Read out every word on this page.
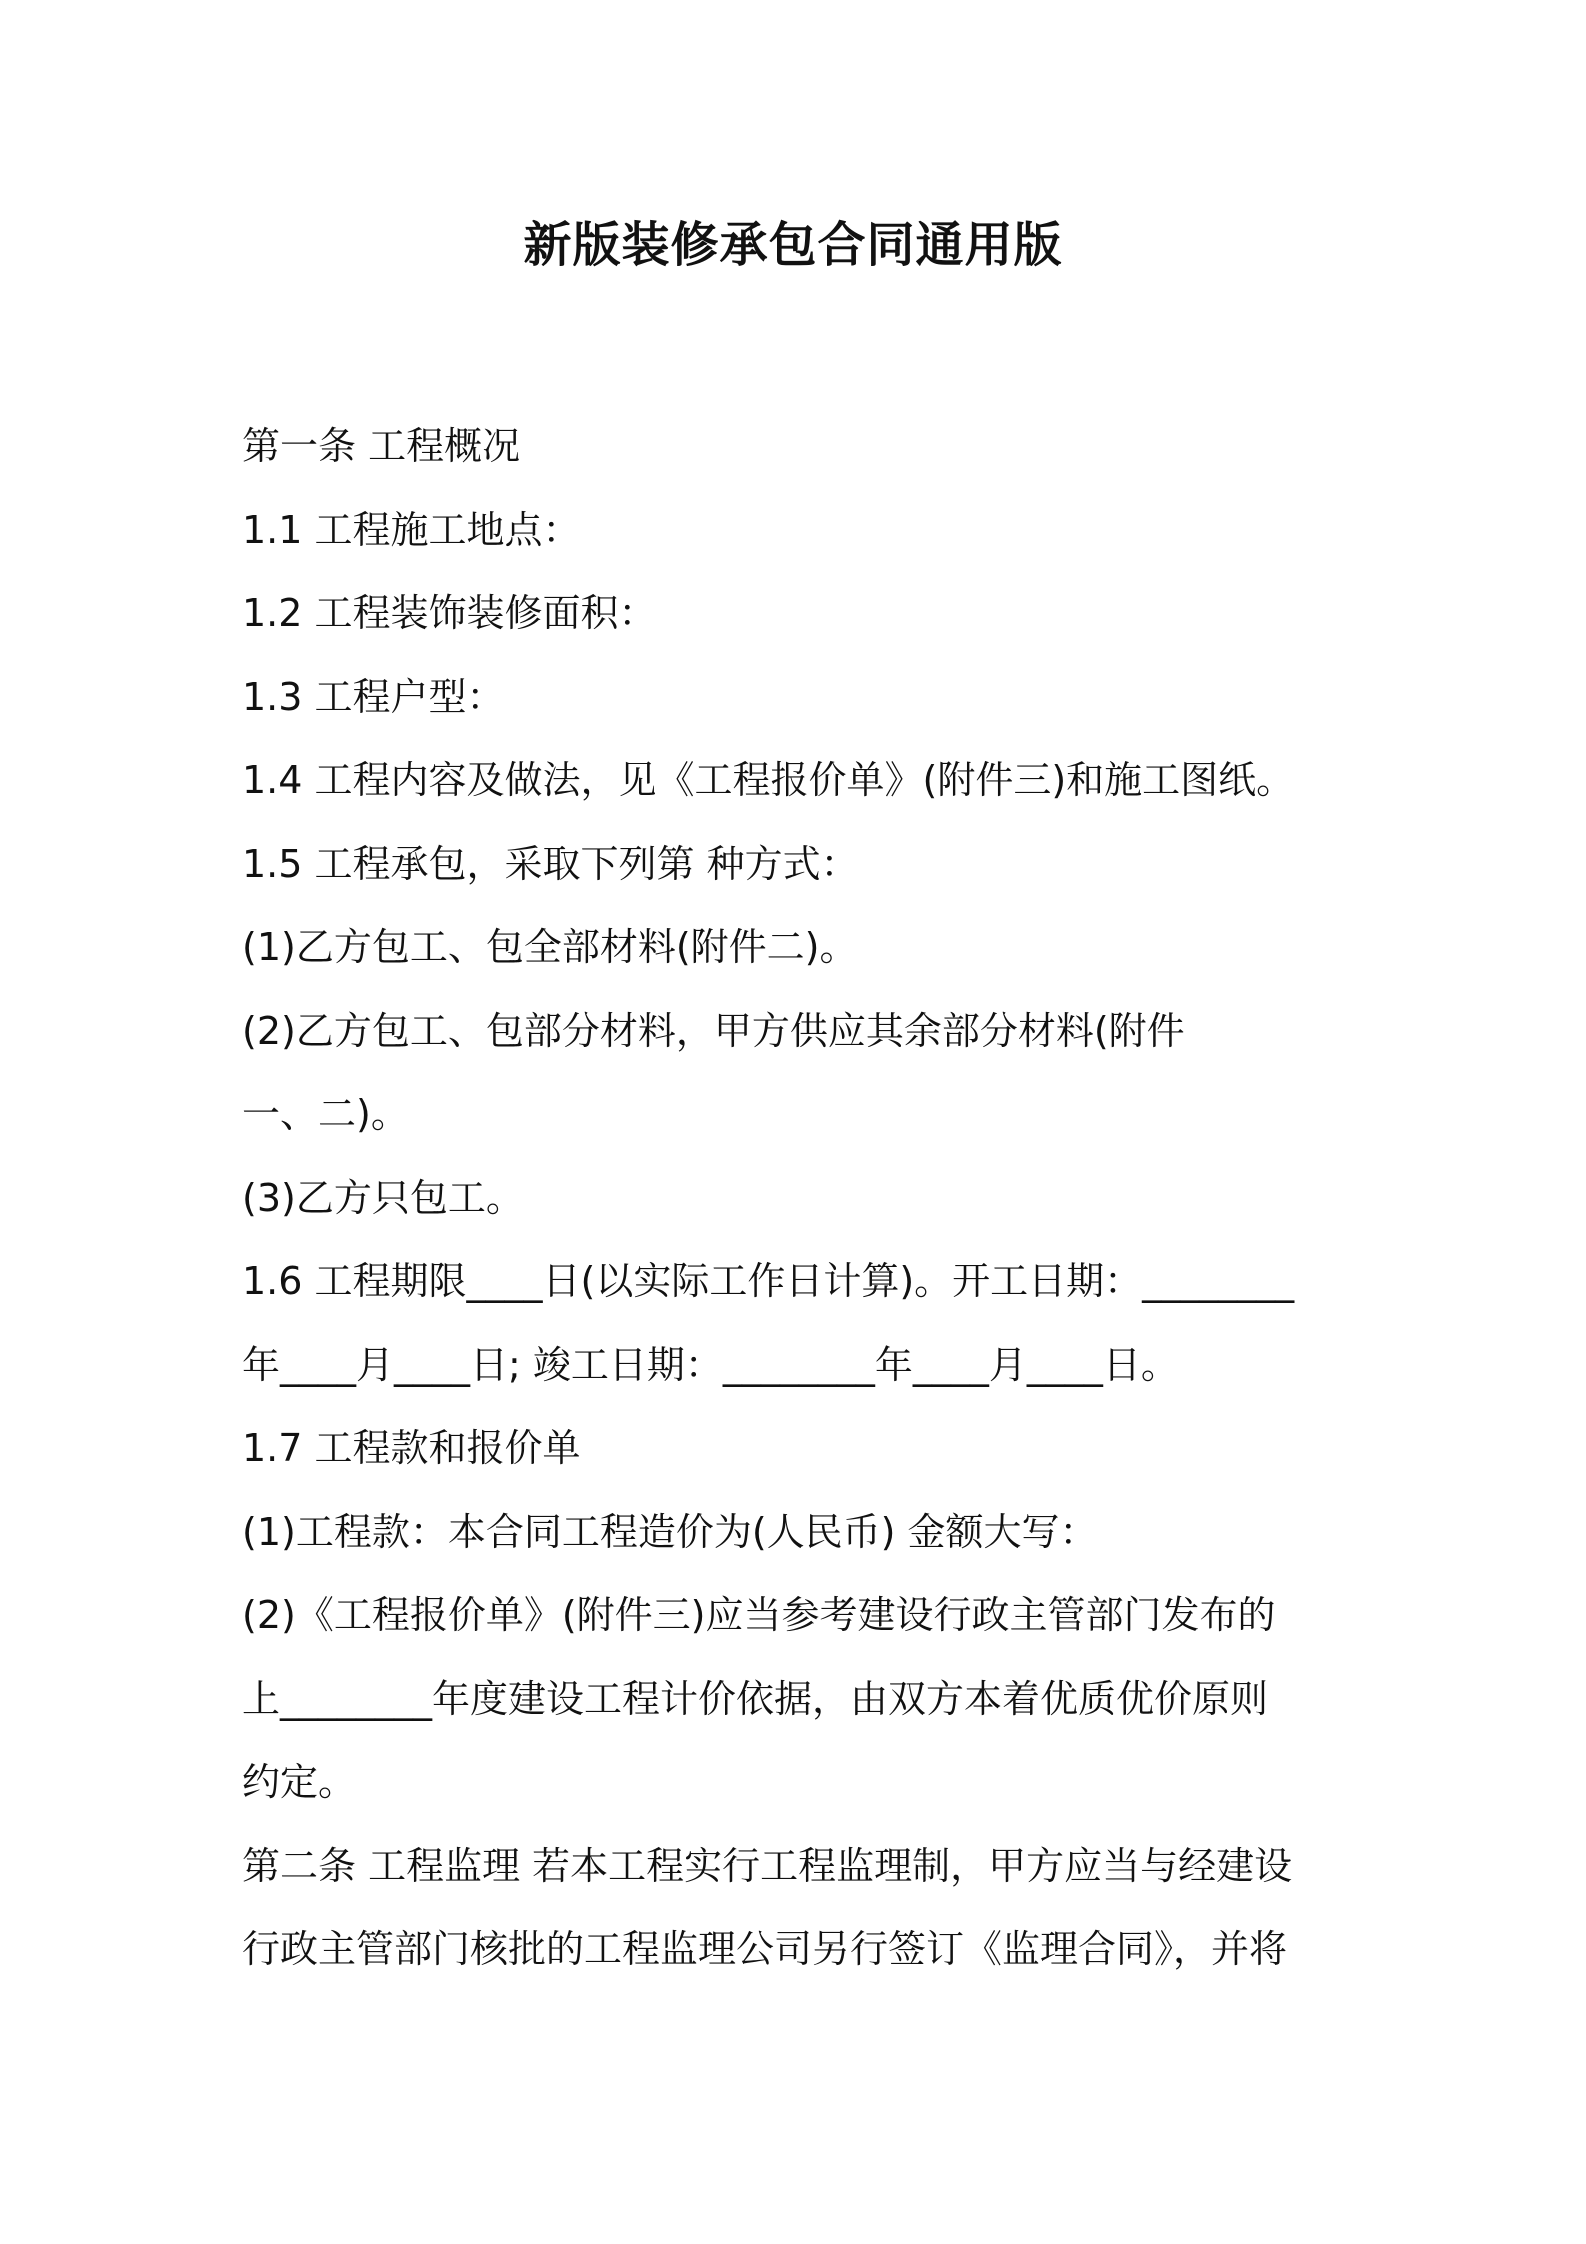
新版装修承包合同通用版

第一条 工程概况

1.1 工程施工地点：

1.2 工程装饰装修面积：

1.3 工程户型：

1.4 工程内容及做法，见《工程报价单》(附件三)和施工图纸。

1.5 工程承包，采取下列第 种方式：

(1)乙方包工、包全部材料(附件二)。

(2)乙方包工、包部分材料，甲方供应其余部分材料(附件

一、二)。

(3)乙方只包工。

1.6 工程期限____日(以实际工作日计算)。开工日期：________

年____月____日; 竣工日期：________年____月____日。

1.7 工程款和报价单

(1)工程款：本合同工程造价为(人民币) 金额大写：

(2)《工程报价单》(附件三)应当参考建设行政主管部门发布的

上________年度建设工程计价依据，由双方本着优质优价原则

约定。

第二条 工程监理 若本工程实行工程监理制，甲方应当与经建设

行政主管部门核批的工程监理公司另行签订《监理合同》，并将
